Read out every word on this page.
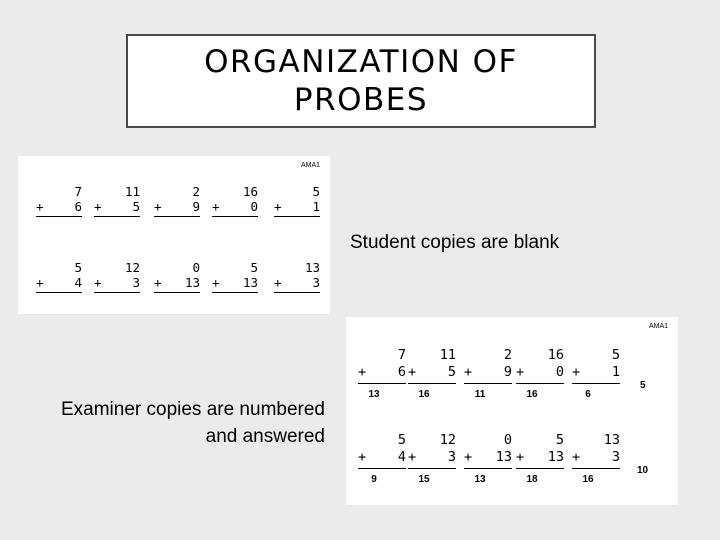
ORGANIZATION OF PROBES
AMA1
7
+ 6
11
+ 5
2
+ 9
16
+ 0
5
+ 1
5
+ 4
12
+ 3
0
+ 13
5
+ 13
13
+ 3
Student copies are blank
AMA1
7
+ 6
13
11
+ 5
16
2
+ 9
11
16
+ 0
16
5
+ 1
6
5
+ 4
9
12
+ 3
15
0
+ 13
13
5
+ 13
18
13
+ 3
16
5
10
Examiner copies are numbered
and answered
